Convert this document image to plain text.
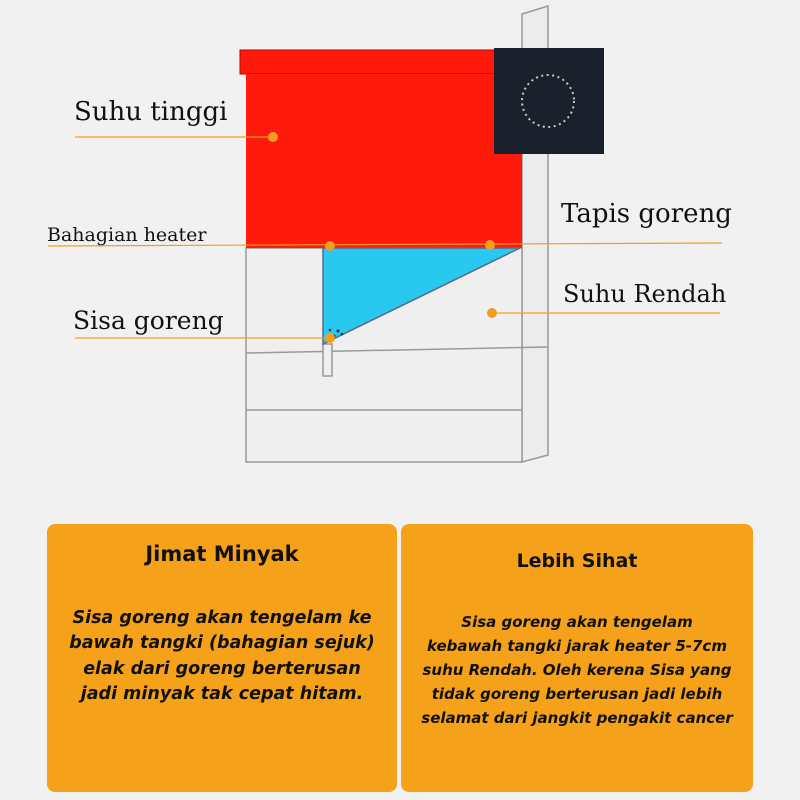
Suhu tinggi
Bahagian heater
Tapis goreng
Suhu Rendah
Sisa goreng
Jimat Minyak
Sisa goreng akan tengelam ke
bawah tangki (bahagian sejuk)
elak dari goreng berterusan
jadi minyak tak cepat hitam.
Lebih Sihat
Sisa goreng akan tengelam
kebawah tangki jarak heater 5-7cm
suhu Rendah. Oleh kerena Sisa yang
tidak goreng berterusan jadi lebih
selamat dari jangkit pengakit cancer
